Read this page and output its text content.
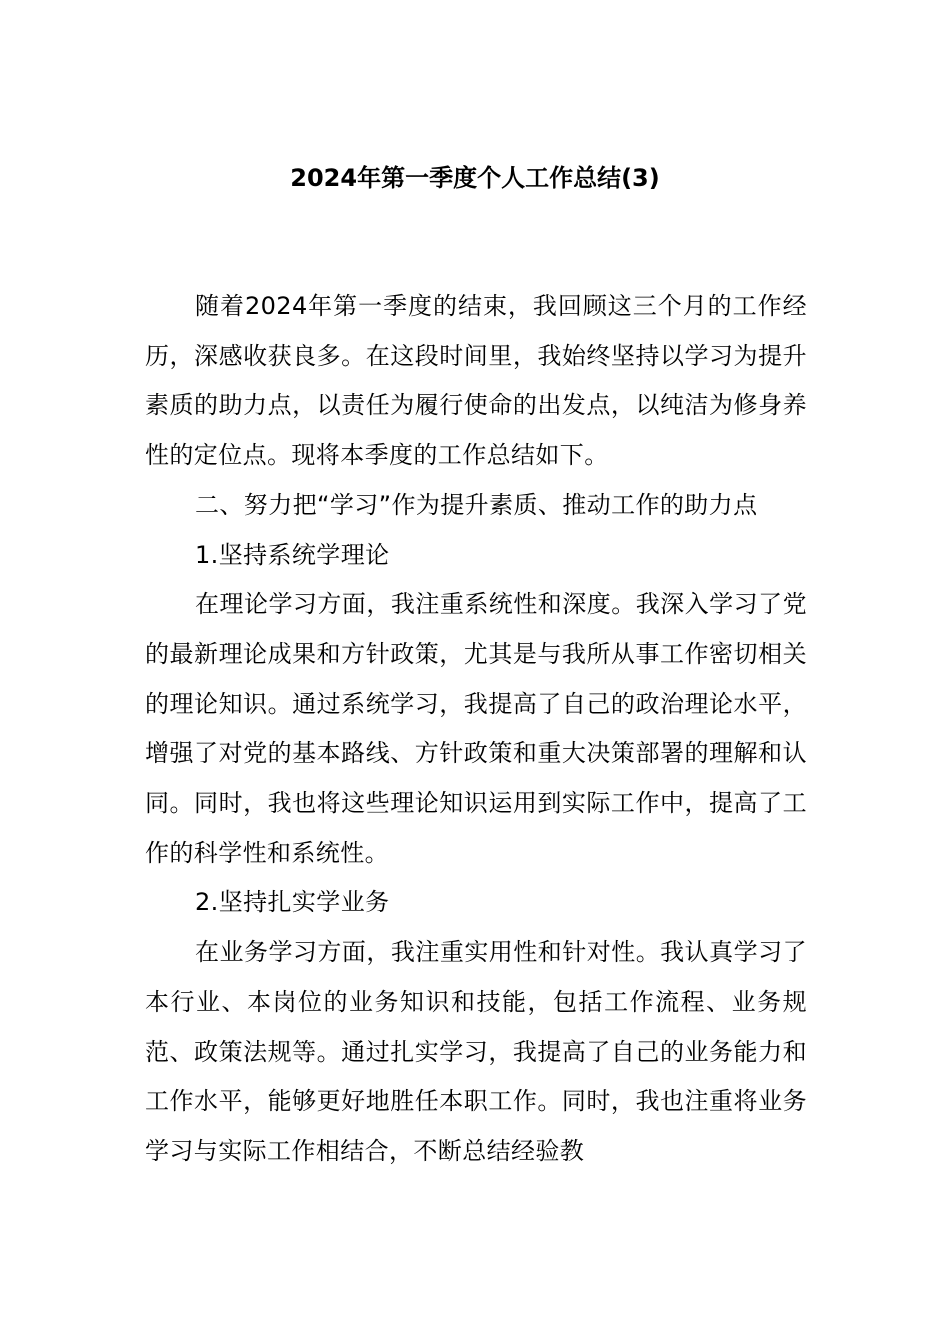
2024年第一季度个人工作总结(3)

随着2024年第一季度的结束，我回顾这三个月的工作经历，深感收获良多。在这段时间里，我始终坚持以学习为提升素质的助力点，以责任为履行使命的出发点，以纯洁为修身养性的定位点。现将本季度的工作总结如下。

二、努力把“学习”作为提升素质、推动工作的助力点

1.坚持系统学理论

在理论学习方面，我注重系统性和深度。我深入学习了党的最新理论成果和方针政策，尤其是与我所从事工作密切相关的理论知识。通过系统学习，我提高了自己的政治理论水平，增强了对党的基本路线、方针政策和重大决策部署的理解和认同。同时，我也将这些理论知识运用到实际工作中，提高了工作的科学性和系统性。

2.坚持扎实学业务

在业务学习方面，我注重实用性和针对性。我认真学习了本行业、本岗位的业务知识和技能，包括工作流程、业务规范、政策法规等。通过扎实学习，我提高了自己的业务能力和工作水平，能够更好地胜任本职工作。同时，我也注重将业务学习与实际工作相结合，不断总结经验教
